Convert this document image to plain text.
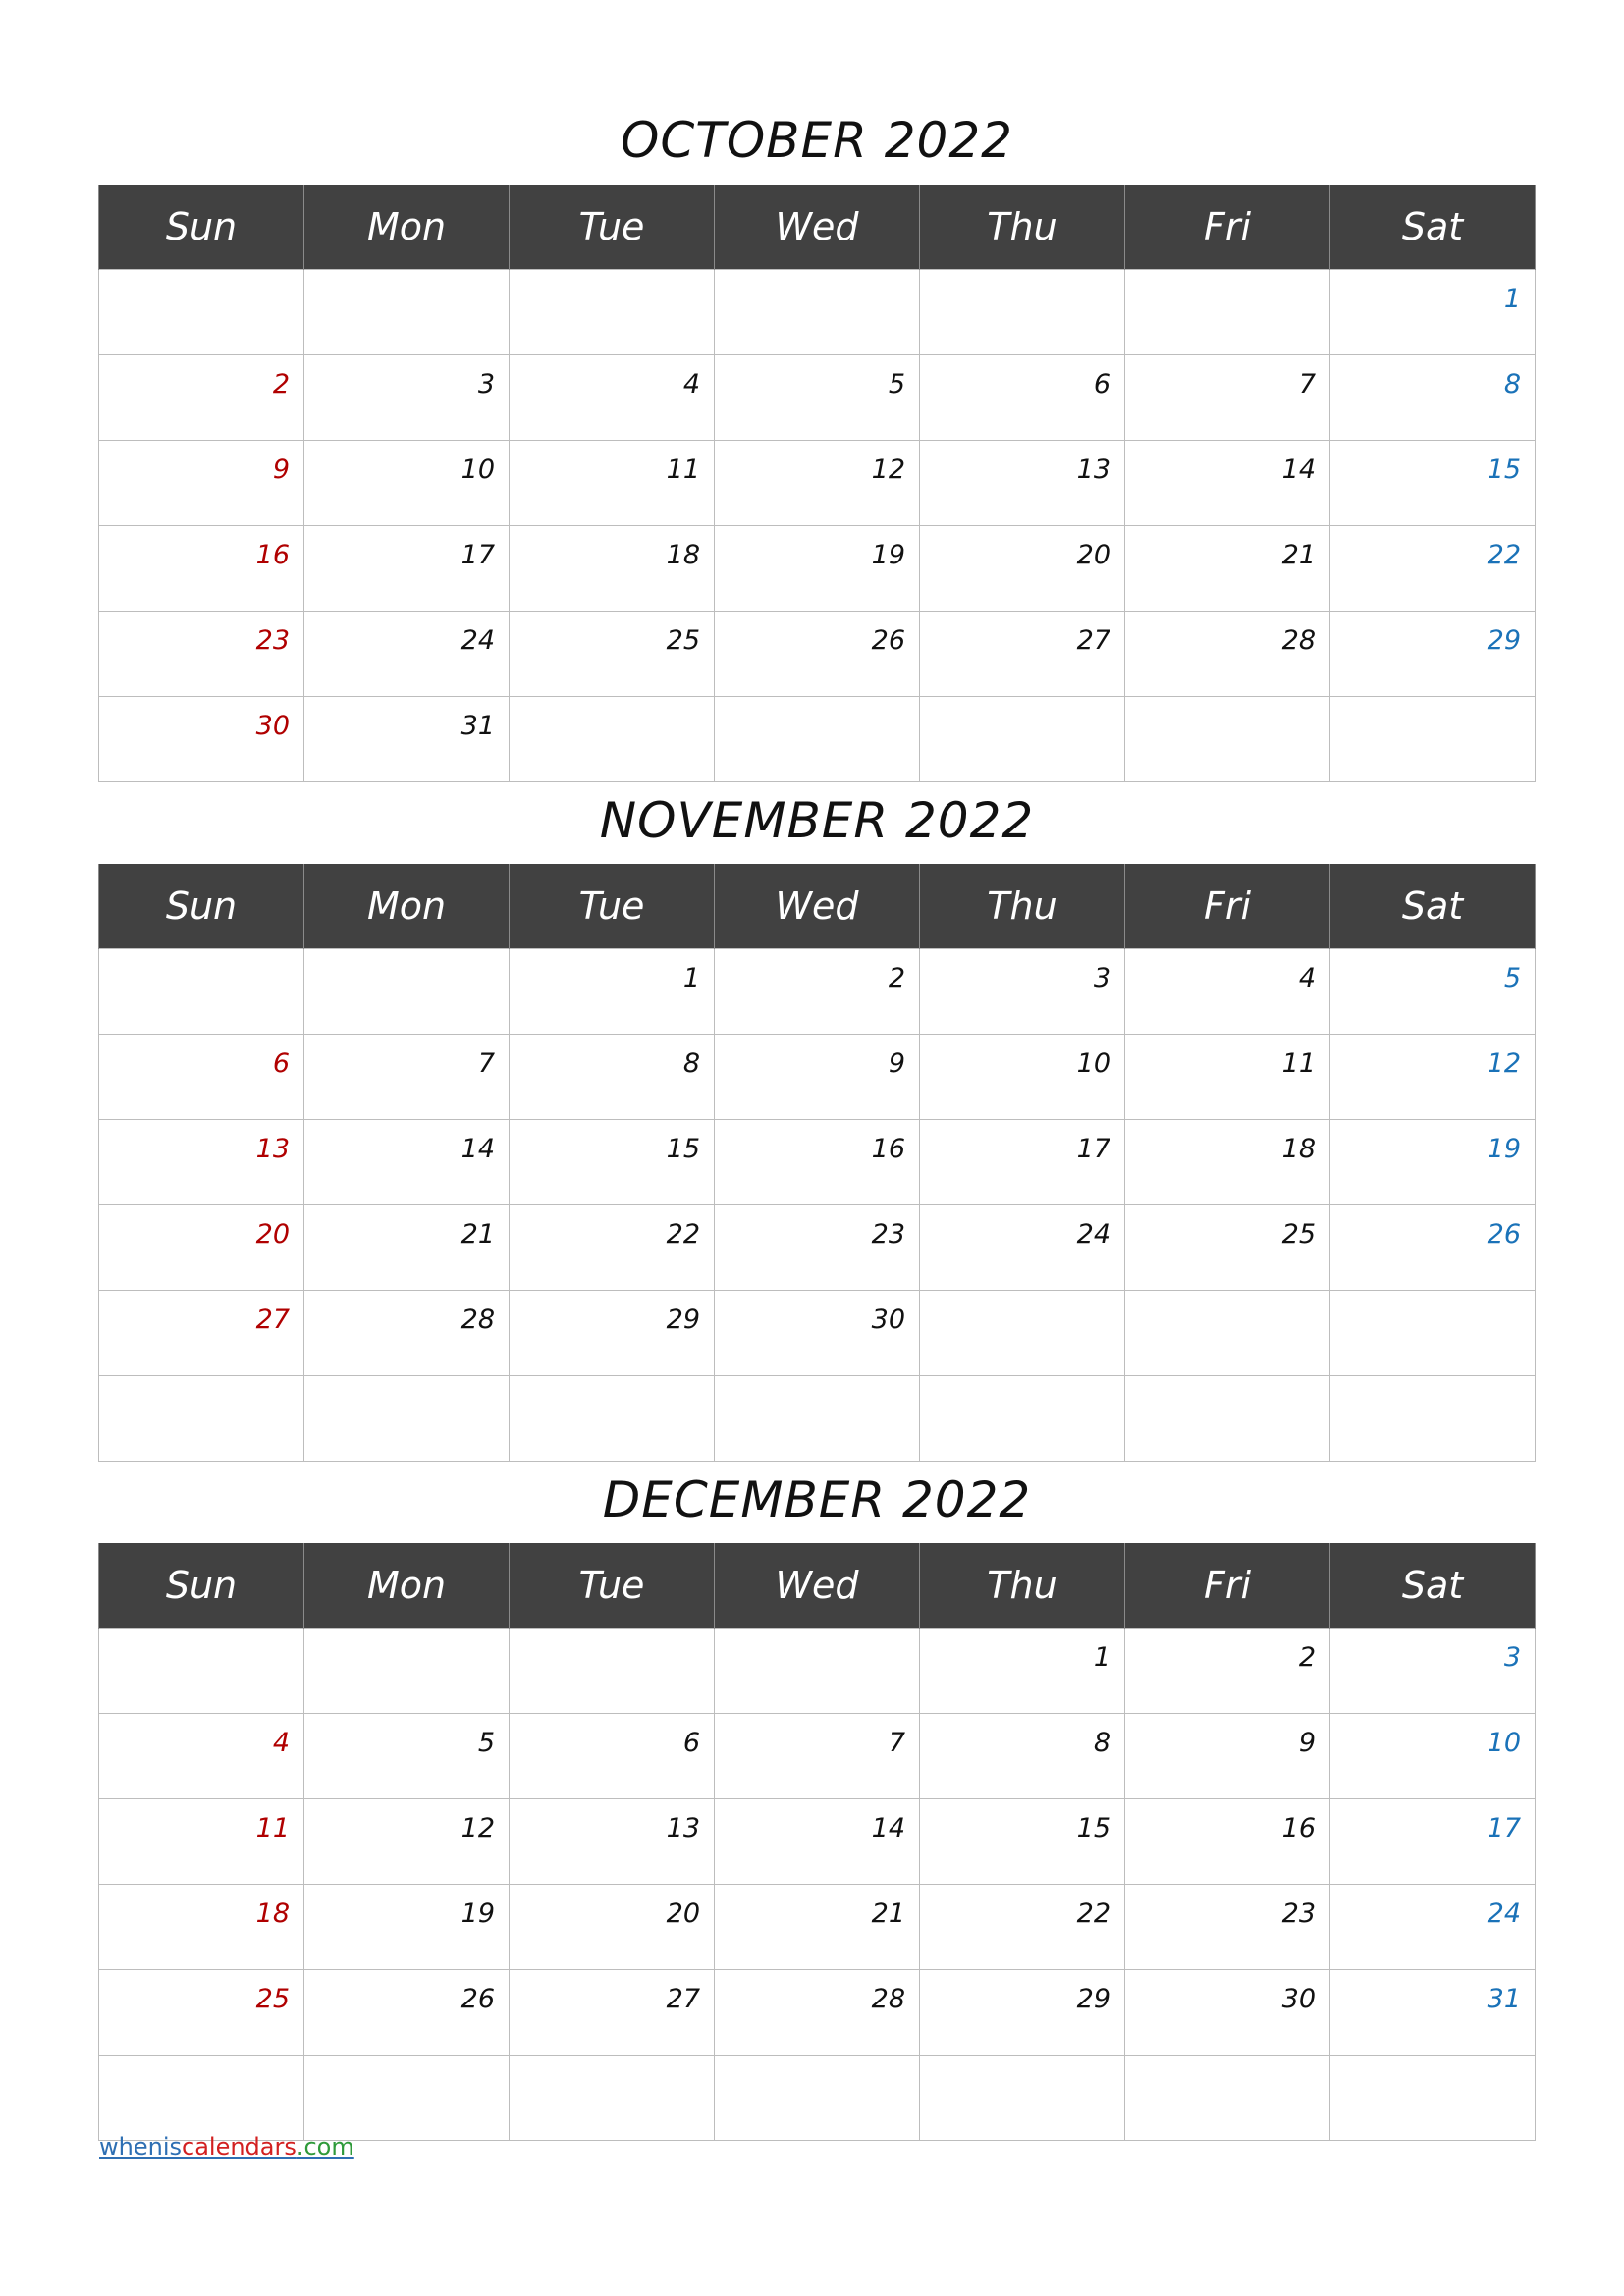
OCTOBER 2022
Sun	Mon	Tue	Wed	Thu	Fri	Sat
						1
2	3	4	5	6	7	8
9	10	11	12	13	14	15
16	17	18	19	20	21	22
23	24	25	26	27	28	29
30	31					
NOVEMBER 2022
Sun	Mon	Tue	Wed	Thu	Fri	Sat
		1	2	3	4	5
6	7	8	9	10	11	12
13	14	15	16	17	18	19
20	21	22	23	24	25	26
27	28	29	30			

DECEMBER 2022
Sun	Mon	Tue	Wed	Thu	Fri	Sat
				1	2	3
4	5	6	7	8	9	10
11	12	13	14	15	16	17
18	19	20	21	22	23	24
25	26	27	28	29	30	31

wheniscalendars.com
